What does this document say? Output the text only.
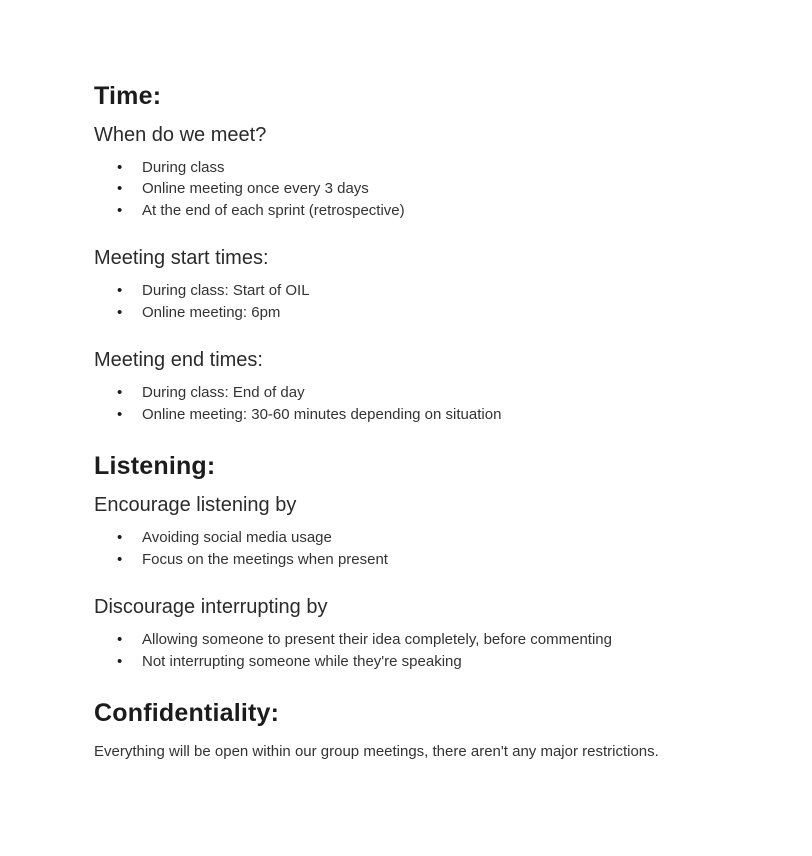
Time:
When do we meet?
• During class
• Online meeting once every 3 days
• At the end of each sprint (retrospective)
Meeting start times:
• During class: Start of OIL
• Online meeting: 6pm
Meeting end times:
• During class: End of day
• Online meeting: 30-60 minutes depending on situation
Listening:
Encourage listening by
• Avoiding social media usage
• Focus on the meetings when present
Discourage interrupting by
• Allowing someone to present their idea completely, before commenting
• Not interrupting someone while they're speaking
Confidentiality:

Everything will be open within our group meetings, there aren't any major restrictions.
